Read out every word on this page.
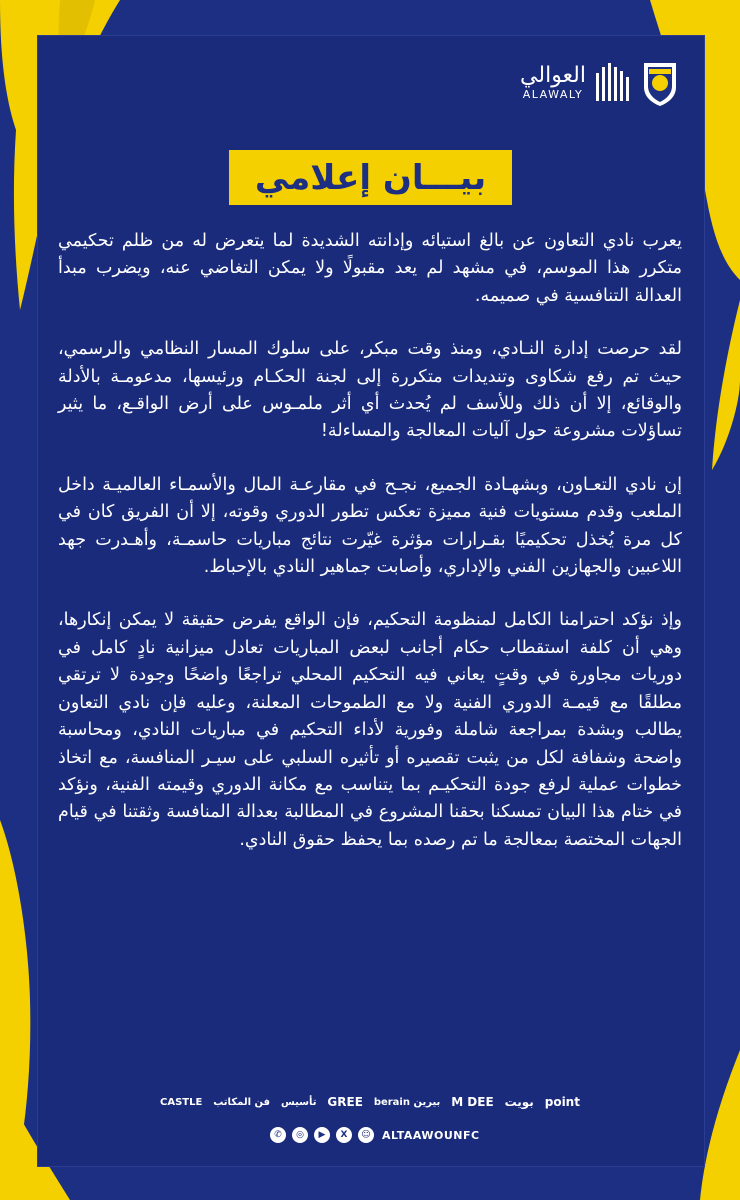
العوالي
ALAWALY
بيـــان إعلامي

يعرب نادي التعاون عن بالغ استيائه وإدانته الشديدة لما يتعرض له من ظلم تحكيمي متكرر هذا الموسم، في مشهد لم يعد مقبولًا ولا يمكن التغاضي عنه، ويضرب مبدأ العدالة التنافسية في صميمه.

لقد حرصت إدارة النـادي، ومنذ وقت مبكر، على سلوك المسار النظامي والرسمي، حيث تم رفع شكاوى وتنديدات متكررة إلى لجنة الحكـام ورئيسها، مدعومـة بالأدلة والوقائع، إلا أن ذلك وللأسف لم يُحدث أي أثر ملمـوس على أرض الواقـع، ما يثير تساؤلات مشروعة حول آليات المعالجة والمساءلة!

إن نادي التعـاون، وبشهـادة الجميع، نجـح في مقارعـة المال والأسمـاء العالميـة داخل الملعب وقدم مستويات فنية مميزة تعكس تطور الدوري وقوته، إلا أن الفريق كان في كل مرة يُخذل تحكيميًا بقـرارات مؤثرة غيّرت نتائج مباريات حاسمـة، وأهـدرت جهد اللاعبين والجهازين الفني والإداري، وأصابت جماهير النادي بالإحباط.

وإذ نؤكد احترامنا الكامل لمنظومة التحكيم، فإن الواقع يفرض حقيقة لا يمكن إنكارها، وهي أن كلفة استقطاب حكام أجانب لبعض المباريات تعادل ميزانية نادٍ كامل في دوريات مجاورة في وقتٍ يعاني فيه التحكيم المحلي تراجعًا واضحًا وجودة لا ترتقي مطلقًا مع قيمـة الدوري الفنية ولا مع الطموحات المعلنة، وعليه فإن نادي التعاون يطالب وبشدة بمراجعة شاملة وفورية لأداء التحكيم في مباريات النادي، ومحاسبة واضحة وشفافة لكل من يثبت تقصيره أو تأثيره السلبي على سيـر المنافسة، مع اتخاذ خطوات عملية لرفع جودة التحكيـم بما يتناسب مع مكانة الدوري وقيمته الفنية، ونؤكد في ختام هذا البيان تمسكنا بحقنا المشروع في المطالبة بعدالة المنافسة وثقتنا في قيام الجهات المختصة بمعالجة ما تم رصده بما يحفظ حقوق النادي.

point
بويت
M DEE
berain بيرين
GREE
تأسيس
فن المكاتب
CASTLE
✆	◎	▶	X	☺	ALTAAWOUNFC
